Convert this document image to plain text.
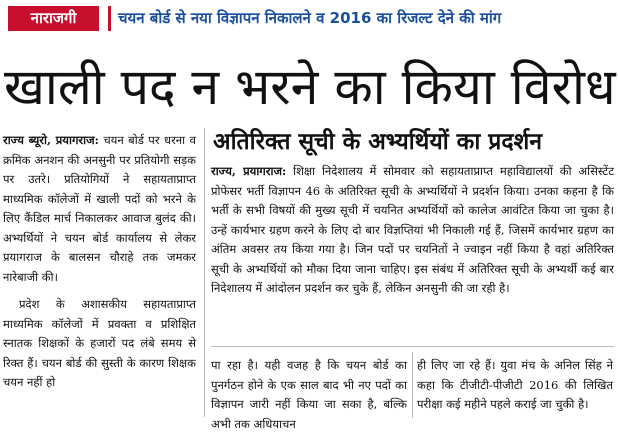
नाराजगी	चयन बोर्ड से नया विज्ञापन निकालने व 2016 का रिजल्ट देने की मांग
खाली पद न भरने का किया विरोध

राज्य ब्यूरो, प्रयागराज: चयन बोर्ड पर धरना व क्रमिक अनशन की अनसुनी पर प्रतियोगी सड़क पर उतरे। प्रतियोगियों ने सहायताप्राप्त माध्यमिक कॉलेजों में खाली पदों को भरने के लिए कैंडिल मार्च निकालकर आवाज बुलंद की। अभ्यर्थियों ने चयन बोर्ड कार्यालय से लेकर प्रयागराज के बालसन चौराहे तक जमकर नारेबाजी की।

प्रदेश के अशासकीय सहायताप्राप्त माध्यमिक कॉलेजों में प्रवक्ता व प्रशिक्षित स्नातक शिक्षकों के हजारों पद लंबे समय से रिक्त हैं। चयन बोर्ड की सुस्ती के कारण शिक्षक चयन नहीं हो

अतिरिक्त सूची के अभ्यर्थियों का प्रदर्शन

राज्य, प्रयागराज: शिक्षा निदेशालय में सोमवार को सहायताप्राप्त महाविद्यालयों की असिस्टेंट प्रोफेसर भर्ती विज्ञापन 46 के अतिरिक्त सूची के अभ्यर्थियों ने प्रदर्शन किया। उनका कहना है कि भर्ती के सभी विषयों की मुख्य सूची में चयनित अभ्यर्थियों को कालेज आवंटित किया जा चुका है। उन्हें कार्यभार ग्रहण करने के लिए दो बार विज्ञप्तियां भी निकाली गई हैं, जिसमें कार्यभार ग्रहण का अंतिम अवसर तय किया गया है। जिन पदों पर चयनितों ने ज्वाइन नहीं किया है वहां अतिरिक्त सूची के अभ्यर्थियों को मौका दिया जाना चाहिए। इस संबंध में अतिरिक्त सूची के अभ्यर्थी कई बार निदेशालय में आंदोलन प्रदर्शन कर चुके हैं, लेकिन अनसुनी की जा रही है।

पा रहा है। यही वजह है कि चयन बोर्ड का पुनर्गठन होने के एक साल बाद भी नए पदों का विज्ञापन जारी नहीं किया जा सका है, बल्कि अभी तक अधियाचन

ही लिए जा रहे हैं। युवा मंच के अनिल सिंह ने कहा कि टीजीटी-पीजीटी 2016 की लिखित परीक्षा कई महीने पहले कराई जा चुकी है।
